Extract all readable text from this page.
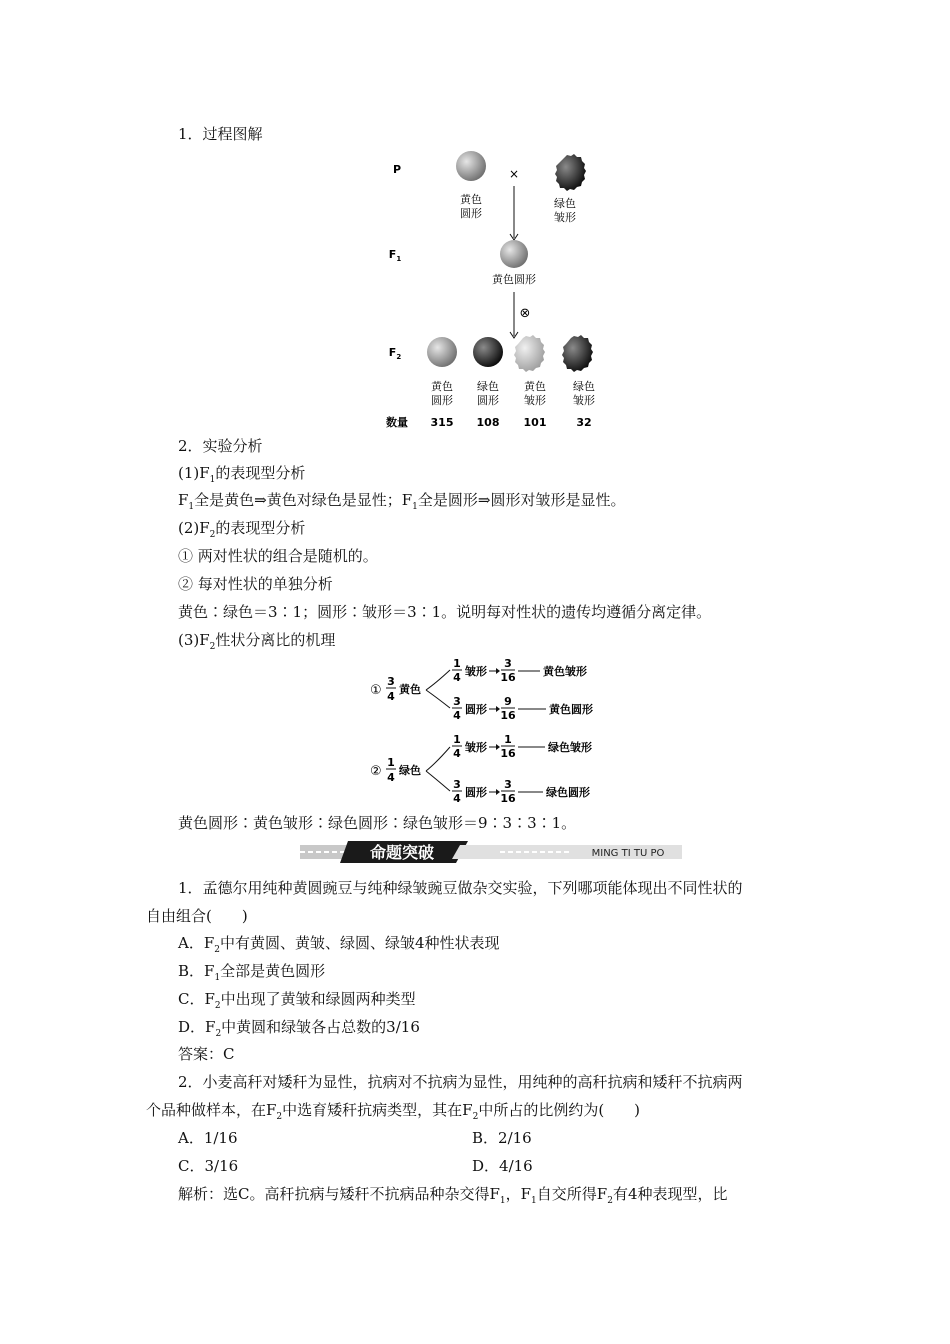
1．过程图解
P
$F_1$
$F_2$
黄色
圆形
×
绿色
皱形
黄色圆形
⊗
黄色
圆形
绿色
圆形
黄色
皱形
绿色
皱形
数量 315 108 101	32
2．实验分析
$(1)F_1$的表现型分析
$F_1$全是黄色⇒黄色对绿色是显性；$F_1$全是圆形⇒圆形对皱形是显性。
$(2)F_2$的表现型分析
① 两对性状的组合是随机的。
② 每对性状的单独分析
黄色∶绿色＝3∶1；圆形∶皱形＝3∶1。说明每对性状的遗传均遵循分离定律。
$(3)F_2$性状分离比的机理
①
3
4
黄色
1
4 皱形
3
16 黄色皱形
3
4 圆形
9
16	黄色圆形
②
1
4
绿色
1
4 皱形
1
16	绿色皱形
3
4 圆形
3
16	绿色圆形
黄色圆形∶黄色皱形∶绿色圆形∶绿色皱形＝9∶3∶3∶1。
命题突破	MING TI TU PO
1．孟德尔用纯种黄圆豌豆与纯种绿皱豌豆做杂交实验，下列哪项能体现出不同性状的
自由组合(　　)
A．$F_2$中有黄圆、黄皱、绿圆、绿皱4种性状表现
B．$F_1$全部是黄色圆形
C．$F_2$中出现了黄皱和绿圆两种类型
D．$F_2$中黄圆和绿皱各占总数的3/16
答案：C
2．小麦高秆对矮秆为显性，抗病对不抗病为显性，用纯种的高秆抗病和矮秆不抗病两
个品种做样本，在$F_2$中选育矮秆抗病类型，其在$F_2$中所占的比例约为(　　)
A．1/16	B．2/16
C．3/16	D．4/16
解析：选C。高秆抗病与矮秆不抗病品种杂交得$F_1$，$F_1$自交所得$F_2$有4种表现型，比
